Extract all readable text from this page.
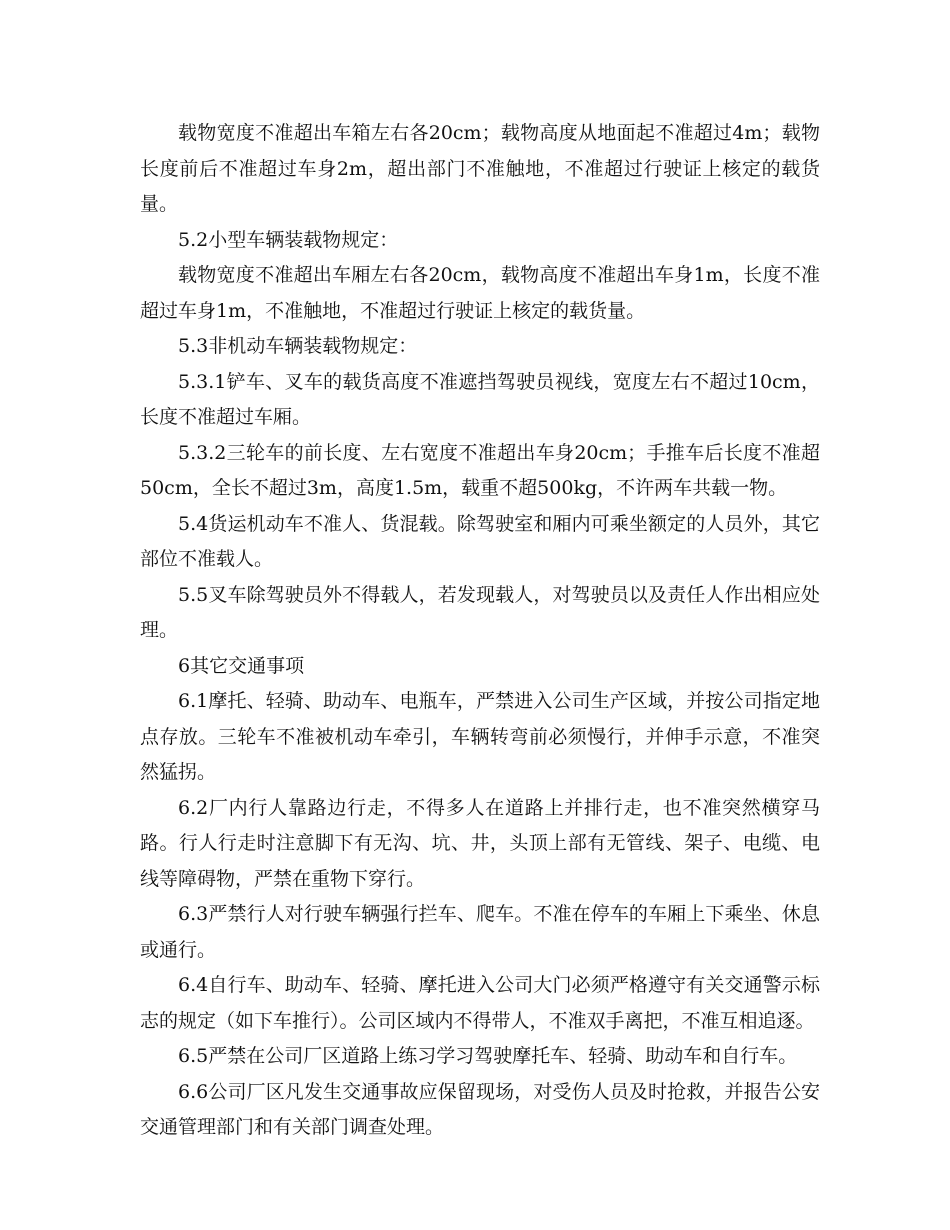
载物宽度不准超出车箱左右各20cm；载物高度从地面起不准超过4m；载物长度前后不准超过车身2m，超出部门不准触地，不准超过行驶证上核定的载货量。

5.2小型车辆装载物规定：

载物宽度不准超出车厢左右各20cm，载物高度不准超出车身1m，长度不准超过车身1m，不准触地，不准超过行驶证上核定的载货量。

5.3非机动车辆装载物规定：

5.3.1铲车、叉车的载货高度不准遮挡驾驶员视线，宽度左右不超过10cm，长度不准超过车厢。

5.3.2三轮车的前长度、左右宽度不准超出车身20cm；手推车后长度不准超50cm，全长不超过3m，高度1.5m，载重不超500kg，不许两车共载一物。

5.4货运机动车不准人、货混载。除驾驶室和厢内可乘坐额定的人员外，其它部位不准载人。

5.5叉车除驾驶员外不得载人，若发现载人，对驾驶员以及责任人作出相应处理。

6其它交通事项

6.1摩托、轻骑、助动车、电瓶车，严禁进入公司生产区域，并按公司指定地点存放。三轮车不准被机动车牵引，车辆转弯前必须慢行，并伸手示意，不准突然猛拐。

6.2厂内行人靠路边行走，不得多人在道路上并排行走，也不准突然横穿马路。行人行走时注意脚下有无沟、坑、井，头顶上部有无管线、架子、电缆、电线等障碍物，严禁在重物下穿行。

6.3严禁行人对行驶车辆强行拦车、爬车。不准在停车的车厢上下乘坐、休息或通行。

6.4自行车、助动车、轻骑、摩托进入公司大门必须严格遵守有关交通警示标志的规定（如下车推行）。公司区域内不得带人，不准双手离把，不准互相追逐。

6.5严禁在公司厂区道路上练习学习驾驶摩托车、轻骑、助动车和自行车。

6.6公司厂区凡发生交通事故应保留现场，对受伤人员及时抢救，并报告公安交通管理部门和有关部门调查处理。
